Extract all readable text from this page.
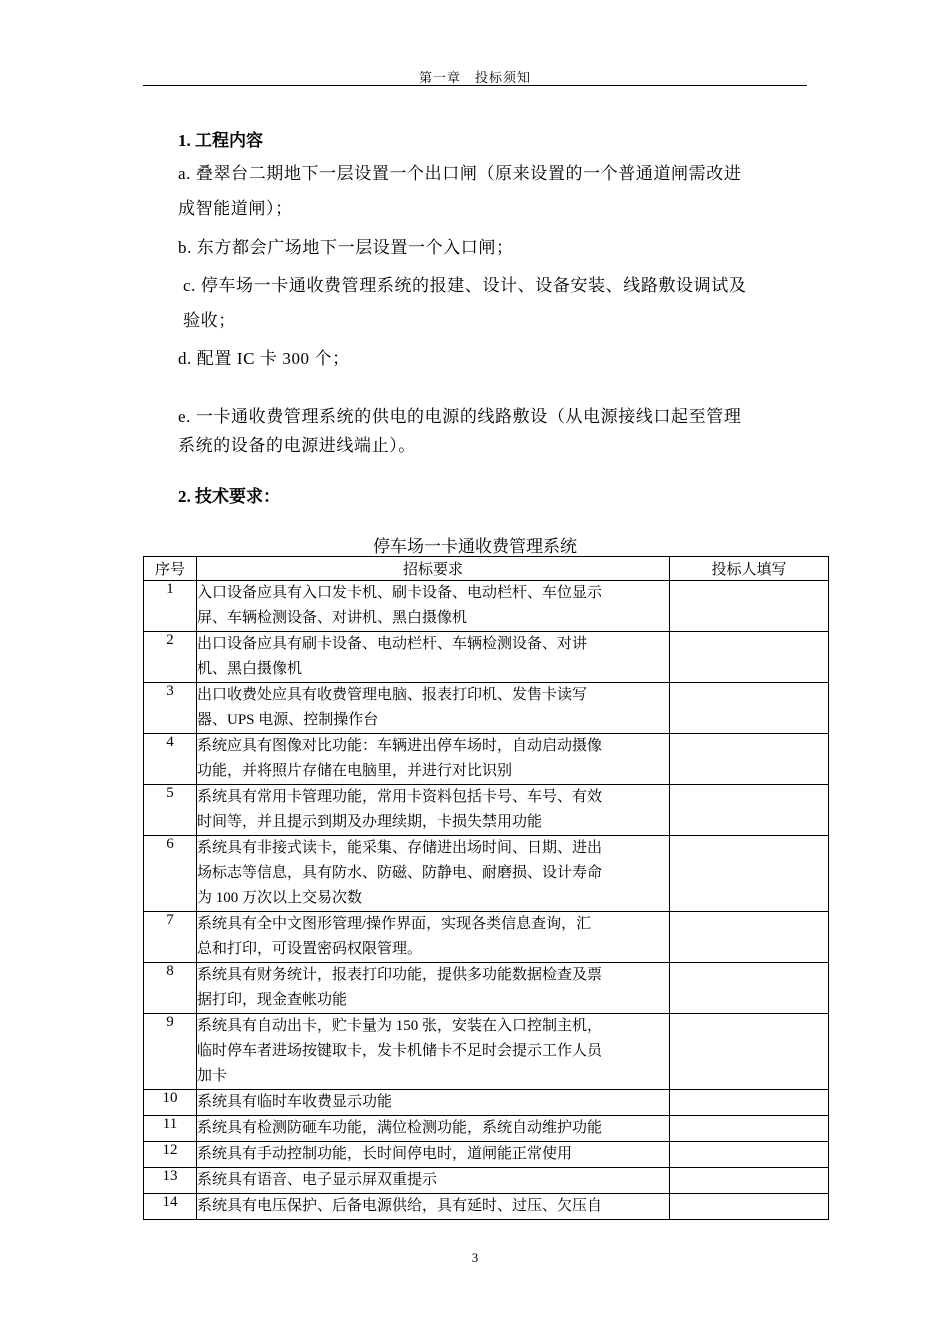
第一章　投标须知
1. 工程内容
a. 叠翠台二期地下一层设置一个出口闸（原来设置的一个普通道闸需改进
成智能道闸）；
b. 东方都会广场地下一层设置一个入口闸；
c. 停车场一卡通收费管理系统的报建、设计、设备安装、线路敷设调试及
验收；
d. 配置 IC 卡 300 个；
e. 一卡通收费管理系统的供电的电源的线路敷设（从电源接线口起至管理
系统的设备的电源进线端止）。
2. 技术要求：
停车场一卡通收费管理系统
序号	招标要求	投标人填写
1	入口设备应具有入口发卡机、刷卡设备、电动栏杆、车位显示
屏、车辆检测设备、对讲机、黑白摄像机	

2	出口设备应具有刷卡设备、电动栏杆、车辆检测设备、对讲
机、黑白摄像机	

3	出口收费处应具有收费管理电脑、报表打印机、发售卡读写
器、UPS 电源、控制操作台	

4	系统应具有图像对比功能：车辆进出停车场时，自动启动摄像
功能，并将照片存储在电脑里，并进行对比识别	

5	系统具有常用卡管理功能，常用卡资料包括卡号、车号、有效
时间等，并且提示到期及办理续期，卡损失禁用功能	

6	系统具有非接式读卡，能采集、存储进出场时间、日期、进出
场标志等信息，具有防水、防磁、防静电、耐磨损、设计寿命
为 100 万次以上交易次数	

7	系统具有全中文图形管理/操作界面，实现各类信息查询，汇
总和打印，可设置密码权限管理。	

8	系统具有财务统计，报表打印功能，提供多功能数据检查及票
据打印，现金查帐功能	

9	系统具有自动出卡，贮卡量为 150 张，安装在入口控制主机，
临时停车者进场按键取卡，发卡机储卡不足时会提示工作人员
加卡	

10	系统具有临时车收费显示功能	

11	系统具有检测防砸车功能，满位检测功能，系统自动维护功能	

12	系统具有手动控制功能，长时间停电时，道闸能正常使用	

13	系统具有语音、电子显示屏双重提示	

14	系统具有电压保护、后备电源供给，具有延时、过压、欠压自	

3
